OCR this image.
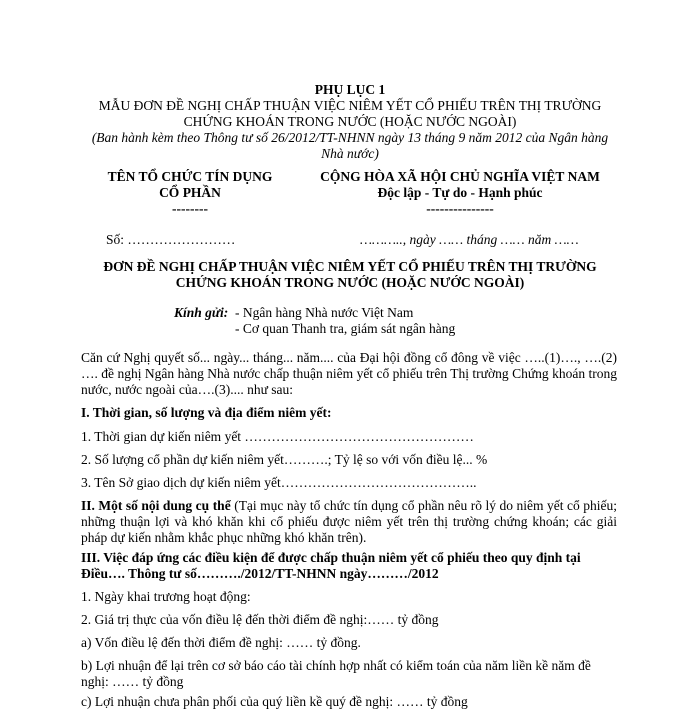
PHỤ LỤC 1
MẪU ĐƠN ĐỀ NGHỊ CHẤP THUẬN VIỆC NIÊM YẾT CỔ PHIẾU TRÊN THỊ TRƯỜNG
CHỨNG KHOÁN TRONG NƯỚC (HOẶC NƯỚC NGOÀI)
(Ban hành kèm theo Thông tư số 26/2012/TT-NHNN ngày 13 tháng 9 năm 2012 của Ngân hàng
Nhà nước)
TÊN TỔ CHỨC TÍN DỤNG
CỔ PHẦN
--------
CỘNG HÒA XÃ HỘI CHỦ NGHĨA VIỆT NAM
Độc lập - Tự do - Hạnh phúc
---------------
Số: ……………………	……….., ngày …… tháng …… năm ……
ĐƠN ĐỀ NGHỊ CHẤP THUẬN VIỆC NIÊM YẾT CỔ PHIẾU TRÊN THỊ TRƯỜNG
CHỨNG KHOÁN TRONG NƯỚC (HOẶC NƯỚC NGOÀI)
Kính gửi: - Ngân hàng Nhà nước Việt Nam
- Cơ quan Thanh tra, giám sát ngân hàng
Căn cứ Nghị quyết số... ngày... tháng... năm.... của Đại hội đồng cổ đông về việc …..(1)…., ….(2) …. đề nghị Ngân hàng Nhà nước chấp thuận niêm yết cổ phiếu trên Thị trường Chứng khoán trong nước, nước ngoài của….(3).... như sau:
I. Thời gian, số lượng và địa điểm niêm yết:
1. Thời gian dự kiến niêm yết ……………………………………………
2. Số lượng cổ phần dự kiến niêm yết……….; Tỷ lệ so với vốn điều lệ... %
3. Tên Sở giao dịch dự kiến niêm yết……………………………………..
II. Một số nội dung cụ thể (Tại mục này tổ chức tín dụng cổ phần nêu rõ lý do niêm yết cổ phiếu; những thuận lợi và khó khăn khi cổ phiếu được niêm yết trên thị trường chứng khoán; các giải pháp dự kiến nhằm khắc phục những khó khăn trên).
III. Việc đáp ứng các điều kiện để được chấp thuận niêm yết cổ phiếu theo quy định tại Điều…. Thông tư số………./2012/TT-NHNN ngày………/2012
1. Ngày khai trương hoạt động:
2. Giá trị thực của vốn điều lệ đến thời điểm đề nghị:…… tỷ đồng
a) Vốn điều lệ đến thời điểm đề nghị: …… tỷ đồng.
b) Lợi nhuận để lại trên cơ sở báo cáo tài chính hợp nhất có kiểm toán của năm liền kề năm đề nghị: …… tỷ đồng
c) Lợi nhuận chưa phân phối của quý liền kề quý đề nghị: …… tỷ đồng
